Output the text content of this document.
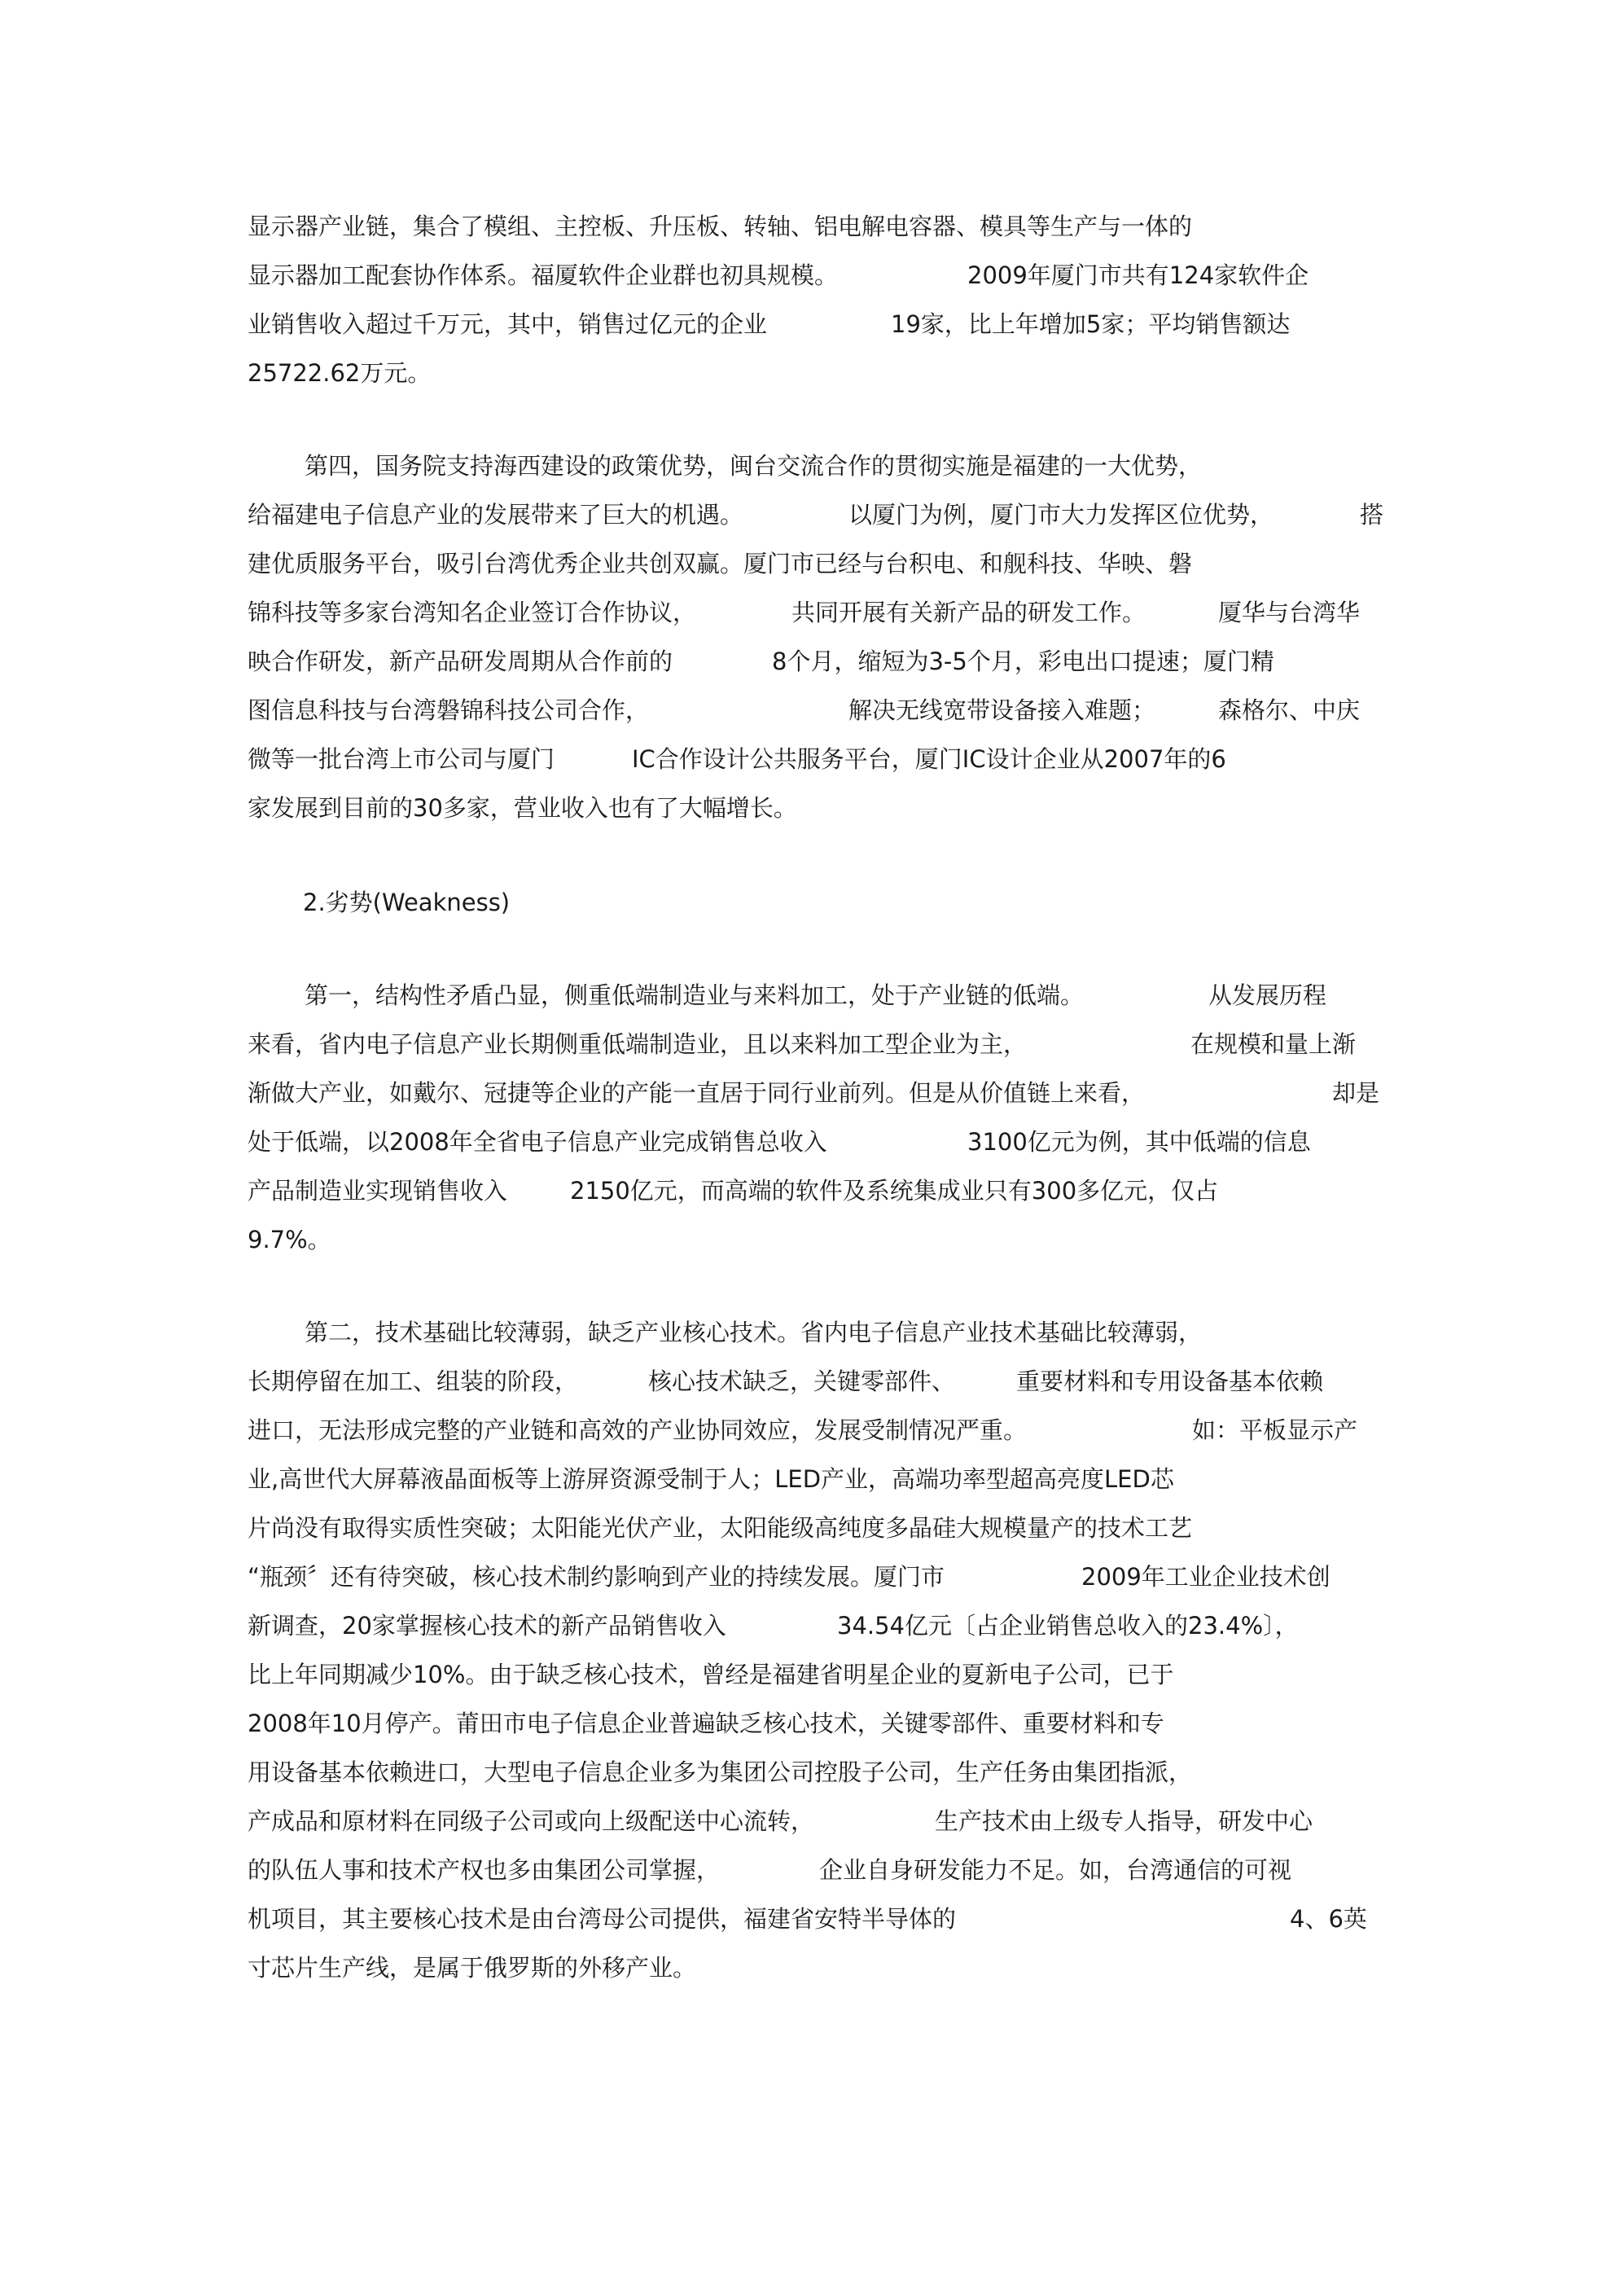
显示器产业链，集合了模组、主控板、升压板、转轴、铝电解电容器、模具等生产与一体的
显示器加工配套协作体系。福厦软件企业群也初具规模。	2009年厦门市共有124家软件企
业销售收入超过千万元，其中，销售过亿元的企业	19家，比上年增加5家；平均销售额达
25722.62万元。
第四，国务院支持海西建设的政策优势，闽台交流合作的贯彻实施是福建的一大优势，
给福建电子信息产业的发展带来了巨大的机遇。	以厦门为例，厦门市大力发挥区位优势，	搭
建优质服务平台，吸引台湾优秀企业共创双赢。厦门市已经与台积电、和舰科技、华映、磐
锦科技等多家台湾知名企业签订合作协议，	共同开展有关新产品的研发工作。	厦华与台湾华
映合作研发，新产品研发周期从合作前的	8个月，缩短为3-5个月，彩电出口提速；厦门精
图信息科技与台湾磐锦科技公司合作，	解决无线宽带设备接入难题；	森格尔、中庆
微等一批台湾上市公司与厦门	IC合作设计公共服务平台，厦门IC设计企业从2007年的6
家发展到目前的30多家，营业收入也有了大幅增长。
2.劣势(Weakness)
第一，结构性矛盾凸显，侧重低端制造业与来料加工，处于产业链的低端。	从发展历程
来看，省内电子信息产业长期侧重低端制造业，且以来料加工型企业为主，	在规模和量上渐
渐做大产业，如戴尔、冠捷等企业的产能一直居于同行业前列。但是从价值链上来看，	却是
处于低端，以2008年全省电子信息产业完成销售总收入	3100亿元为例，其中低端的信息
产品制造业实现销售收入	2150亿元，而高端的软件及系统集成业只有300多亿元，仅占
9.7%。
第二，技术基础比较薄弱，缺乏产业核心技术。省内电子信息产业技术基础比较薄弱，
长期停留在加工、组装的阶段，	核心技术缺乏，关键零部件、	重要材料和专用设备基本依赖
进口，无法形成完整的产业链和高效的产业协同效应，发展受制情况严重。	如：平板显示产
业,高世代大屏幕液晶面板等上游屏资源受制于人；LED产业，高端功率型超高亮度LED芯
片尚没有取得实质性突破；太阳能光伏产业，太阳能级高纯度多晶硅大规模量产的技术工艺
“瓶颈〞还有待突破，核心技术制约影响到产业的持续发展。厦门市	2009年工业企业技术创
新调查，20家掌握核心技术的新产品销售收入	34.54亿元〔占企业销售总收入的23.4%〕，
比上年同期减少10%。由于缺乏核心技术，曾经是福建省明星企业的夏新电子公司，已于
2008年10月停产。莆田市电子信息企业普遍缺乏核心技术，关键零部件、重要材料和专
用设备基本依赖进口，大型电子信息企业多为集团公司控股子公司，生产任务由集团指派，
产成品和原材料在同级子公司或向上级配送中心流转，	生产技术由上级专人指导，研发中心
的队伍人事和技术产权也多由集团公司掌握，	企业自身研发能力不足。如，台湾通信的可视
机项目，其主要核心技术是由台湾母公司提供，福建省安特半导体的	4、6英
寸芯片生产线，是属于俄罗斯的外移产业。
